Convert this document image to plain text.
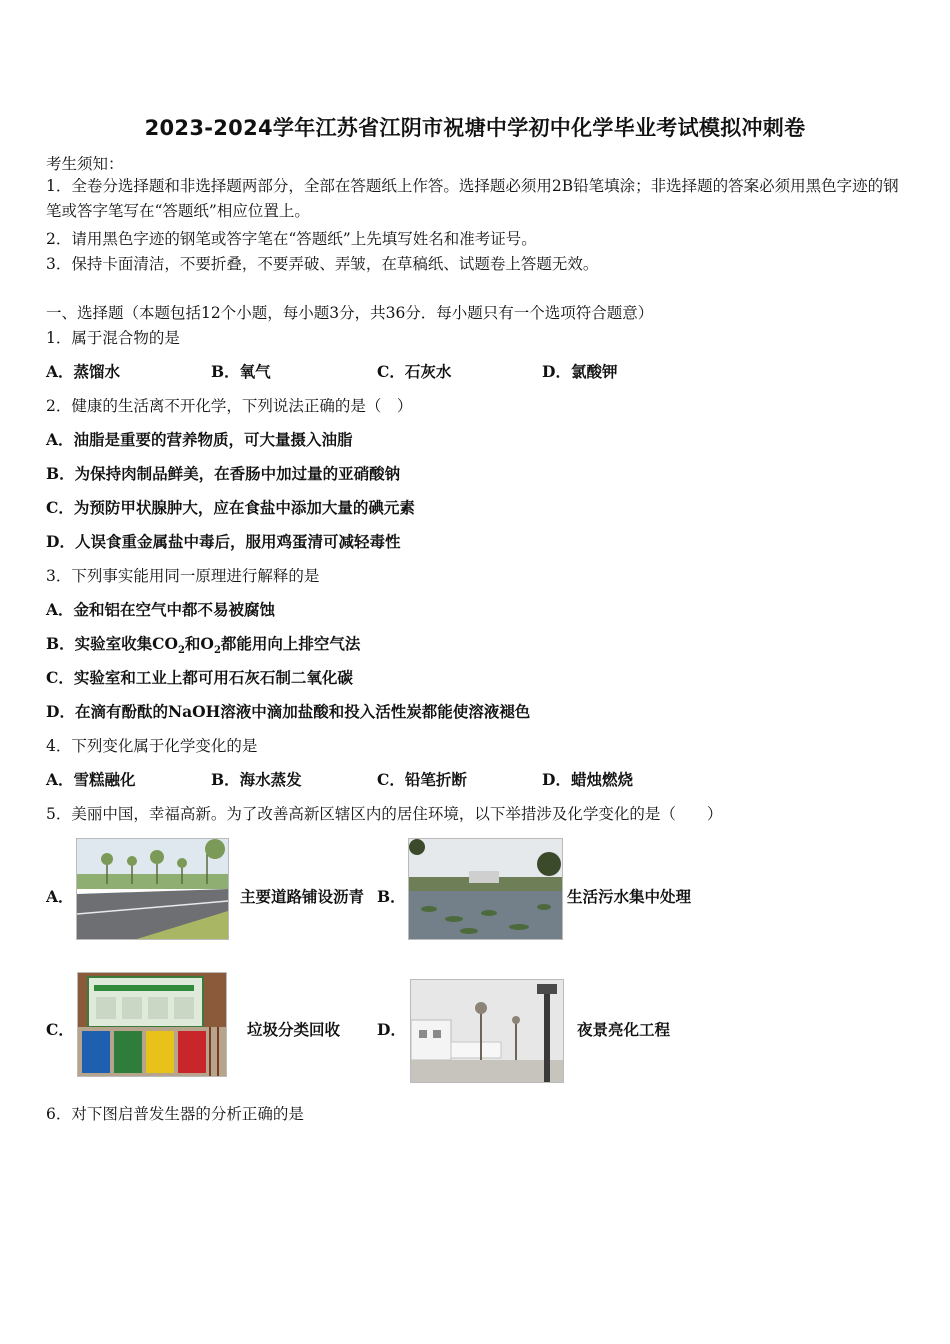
2023-2024学年江苏省江阴市祝塘中学初中化学毕业考试模拟冲刺卷
考生须知：
1．全卷分选择题和非选择题两部分，全部在答题纸上作答。选择题必须用2B铅笔填涂；非选择题的答案必须用黑色字迹的钢笔或答字笔写在“答题纸”相应位置上。
2．请用黑色字迹的钢笔或答字笔在“答题纸”上先填写姓名和准考证号。
3．保持卡面清洁，不要折叠，不要弄破、弄皱，在草稿纸、试题卷上答题无效。
一、选择题（本题包括12个小题，每小题3分，共36分．每小题只有一个选项符合题意）
1．属于混合物的是
A．蒸馏水	B．氧气	C．石灰水	D．氯酸钾
2．健康的生活离不开化学，下列说法正确的是（　）
A．油脂是重要的营养物质，可大量摄入油脂
B．为保持肉制品鲜美，在香肠中加过量的亚硝酸钠
C．为预防甲状腺肿大，应在食盐中添加大量的碘元素
D．人误食重金属盐中毒后，服用鸡蛋清可减轻毒性
3．下列事实能用同一原理进行解释的是
A．金和铝在空气中都不易被腐蚀
B．实验室收集$CO_2$和$O_2$都能用向上排空气法
C．实验室和工业上都可用石灰石制二氧化碳
D．在滴有酚酞的NaOH溶液中滴加盐酸和投入活性炭都能使溶液褪色
4．下列变化属于化学变化的是
A．雪糕融化	B．海水蒸发	C．铅笔折断	D．蜡烛燃烧
5．美丽中国，幸福高新。为了改善高新区辖区内的居住环境，以下举措涉及化学变化的是（　　）
A．	主要道路铺设沥青 B．	生活污水集中处理
C．	垃圾分类回收 D．	夜景亮化工程
6．对下图启普发生器的分析正确的是
